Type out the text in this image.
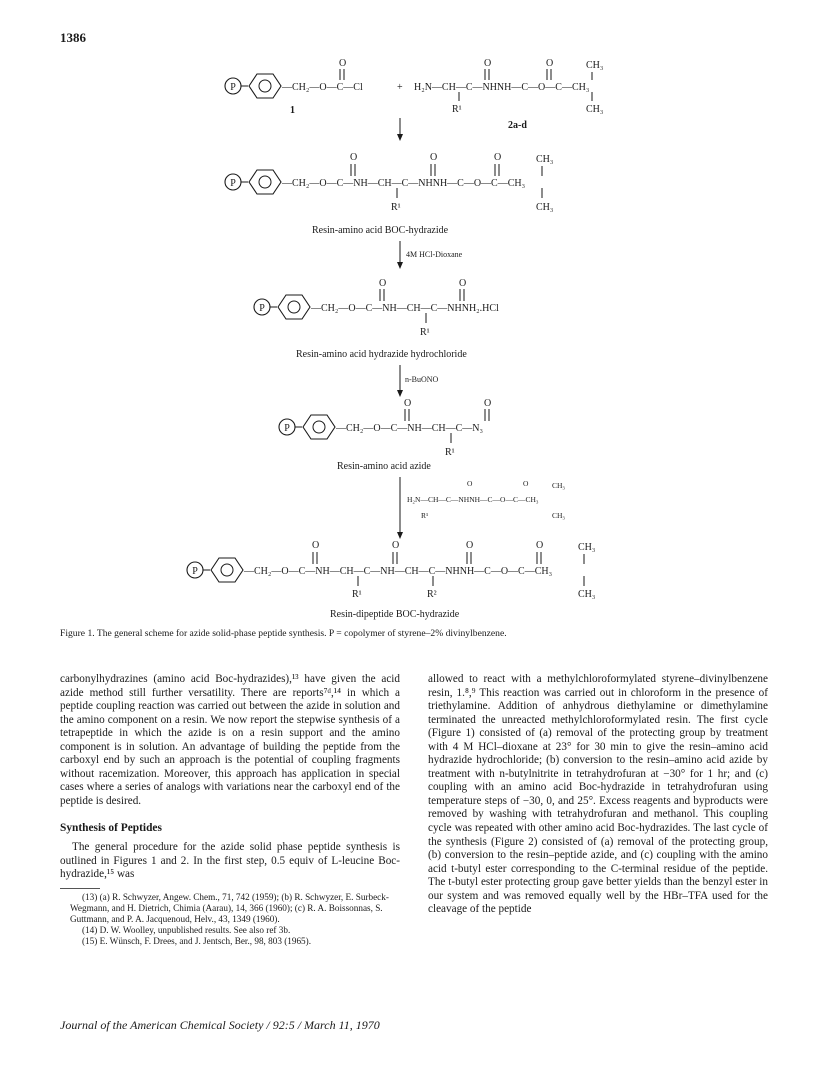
1386
P	—CH₂—O—C—Cl
O
1
+ H₂N—CH—C—NHNH—C—O—C—CH₃
O	O	CH₃
CH₃
R¹
2a-d
P	—CH₂—O—C—NH—CH—C—NHNH—C—O—C—CH₃
O	O	O	CH₃
CH₃
R¹
Resin-amino acid BOC-hydrazide
4M HCl-Dioxane
P	—CH₂—O—C—NH—CH—C—NHNH₂.HCl
O	O
R¹
Resin-amino acid hydrazide hydrochloride
n-BuONO
P	—CH₂—O—C—NH—CH—C—N₃
O	O
R¹
Resin-amino acid azide
H₂N—CH—C—NHNH—C—O—C—CH₃
O	O	CH₃
CH₃
R¹
P	—CH₂—O—C—NH—CH—C—NH—CH—C—NHNH—C—O—C—CH₃
O	O	O	O	CH₃
CH₃
R¹	R²
Resin-dipeptide BOC-hydrazide
Figure 1. The general scheme for azide solid-phase peptide synthesis. P = copolymer of styrene–2% divinylbenzene.

carbonylhydrazines (amino acid Boc-hydrazides),¹³ have given the acid azide method still further versatility. There are reports⁷ᵈ,¹⁴ in which a peptide coupling reaction was carried out between the azide in solution and the amino component on a resin. We now report the stepwise synthesis of a tetrapeptide in which the azide is on a resin support and the amino component is in solution. An advantage of building the peptide from the carboxyl end by such an approach is the potential of coupling fragments without racemization. Moreover, this approach has application in special cases where a series of analogs with variations near the carboxyl end of the peptide is desired.

Synthesis of Peptides

The general procedure for the azide solid phase peptide synthesis is outlined in Figures 1 and 2. In the first step, 0.5 equiv of L-leucine Boc-hydrazide,¹⁵ was

(13) (a) R. Schwyzer, Angew. Chem., 71, 742 (1959); (b) R. Schwyzer, E. Surbeck-Wegmann, and H. Dietrich, Chimia (Aarau), 14, 366 (1960); (c) R. A. Boissonnas, S. Guttmann, and P. A. Jacquenoud, Helv., 43, 1349 (1960).

(14) D. W. Woolley, unpublished results. See also ref 3b.

(15) E. Wünsch, F. Drees, and J. Jentsch, Ber., 98, 803 (1965).

allowed to react with a methylchloroformylated styrene–divinylbenzene resin, 1.⁸,⁹ This reaction was carried out in chloroform in the presence of triethylamine. Addition of anhydrous diethylamine or dimethylamine terminated the unreacted methylchloroformylated resin. The first cycle (Figure 1) consisted of (a) removal of the protecting group by treatment with 4 M HCl–dioxane at 23° for 30 min to give the resin–amino acid hydrazide hydrochloride; (b) conversion to the resin–amino acid azide by treatment with n-butylnitrite in tetrahydrofuran at −30° for 1 hr; and (c) coupling with an amino acid Boc-hydrazide in tetrahydrofuran using temperature steps of −30, 0, and 25°. Excess reagents and byproducts were removed by washing with tetrahydrofuran and methanol. This coupling cycle was repeated with other amino acid Boc-hydrazides. The last cycle of the synthesis (Figure 2) consisted of (a) removal of the protecting group, (b) conversion to the resin–peptide azide, and (c) coupling with the amino acid t-butyl ester corresponding to the C-terminal residue of the peptide. The t-butyl ester protecting group gave better yields than the benzyl ester in our system and was removed equally well by the HBr–TFA used for the cleavage of the peptide

Journal of the American Chemical Society / 92:5 / March 11, 1970
